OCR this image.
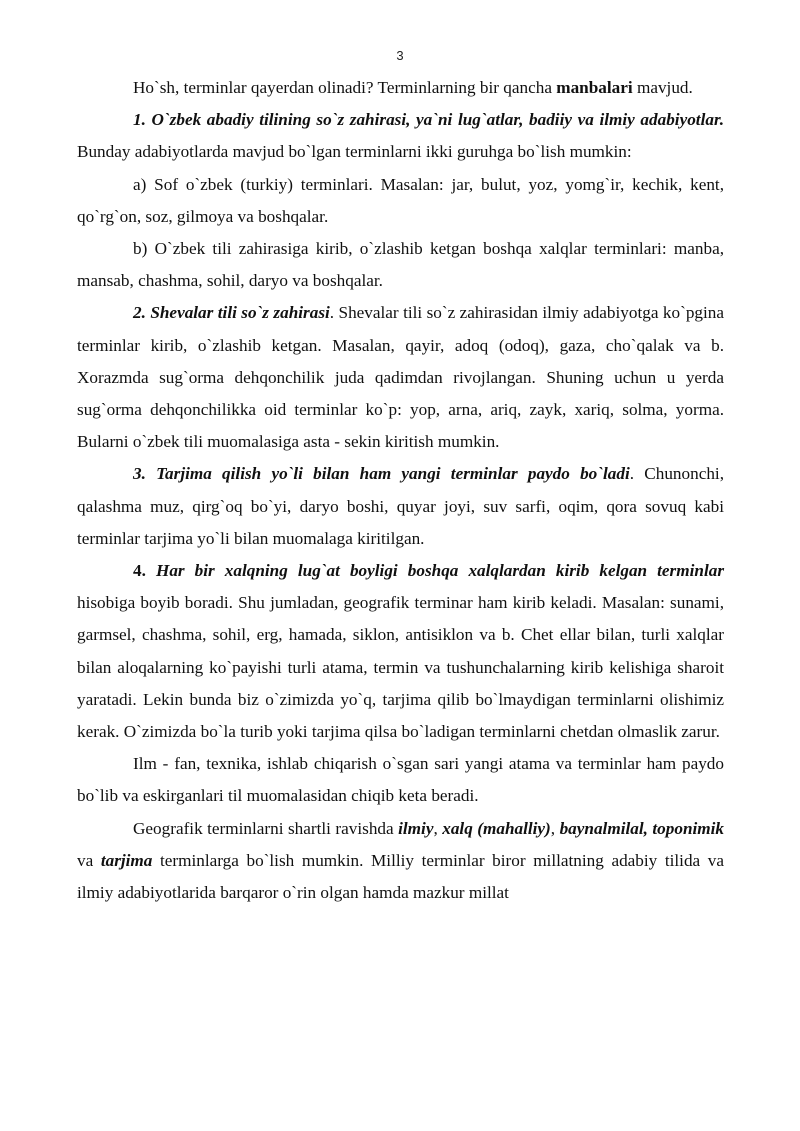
3

Ho`sh, terminlar qayerdan olinadi? Terminlarning bir qancha manbalari mavjud.

1. O`zbek abadiy tilining so`z zahirasi, ya`ni lug`atlar, badiiy va ilmiy adabiyotlar. Bunday adabiyotlarda mavjud bo`lgan terminlarni ikki guruhga bo`lish mumkin:

a) Sof o`zbek (turkiy) terminlari. Masalan: jar, bulut, yoz, yomg`ir, kechik, kent, qo`rg`on, soz, gilmoya va boshqalar.

b) O`zbek tili zahirasiga kirib, o`zlashib ketgan boshqa xalqlar terminlari: manba, mansab, chashma, sohil, daryo va boshqalar.

2. Shevalar tili so`z zahirasi. Shevalar tili so`z zahirasidan ilmiy adabiyotga ko`pgina terminlar kirib, o`zlashib ketgan. Masalan, qayir, adoq (odoq), gaza, cho`qalak va b. Xorazmda sug`orma dehqonchilik juda qadimdan rivojlangan. Shuning uchun u yerda sug`orma dehqonchilikka oid terminlar ko`p: yop, arna, ariq, zayk, xariq, solma, yorma. Bularni o`zbek tili muomalasiga asta - sekin kiritish mumkin.

3. Tarjima qilish yo`li bilan ham yangi terminlar paydo bo`ladi. Chunonchi, qalashma muz, qirg`oq bo`yi, daryo boshi, quyar joyi, suv sarfi, oqim, qora sovuq kabi terminlar tarjima yo`li bilan muomalaga kiritilgan.

4. Har bir xalqning lug`at boyligi boshqa xalqlardan kirib kelgan terminlar hisobiga boyib boradi. Shu jumladan, geografik terminar ham kirib keladi. Masalan: sunami, garmsel, chashma, sohil, erg, hamada, siklon, antisiklon va b. Chet ellar bilan, turli xalqlar bilan aloqalarning ko`payishi turli atama, termin va tushunchalarning kirib kelishiga sharoit yaratadi. Lekin bunda biz o`zimizda yo`q, tarjima qilib bo`lmaydigan terminlarni olishimiz kerak. O`zimizda bo`la turib yoki tarjima qilsa bo`ladigan terminlarni chetdan olmaslik zarur.

Ilm - fan, texnika, ishlab chiqarish o`sgan sari yangi atama va terminlar ham paydo bo`lib va eskirganlari til muomalasidan chiqib keta beradi.

Geografik terminlarni shartli ravishda ilmiy, xalq (mahalliy), baynalmilal, toponimik va tarjima terminlarga bo`lish mumkin. Milliy terminlar biror millatning adabiy tilida va ilmiy adabiyotlarida barqaror o`rin olgan hamda mazkur millat
